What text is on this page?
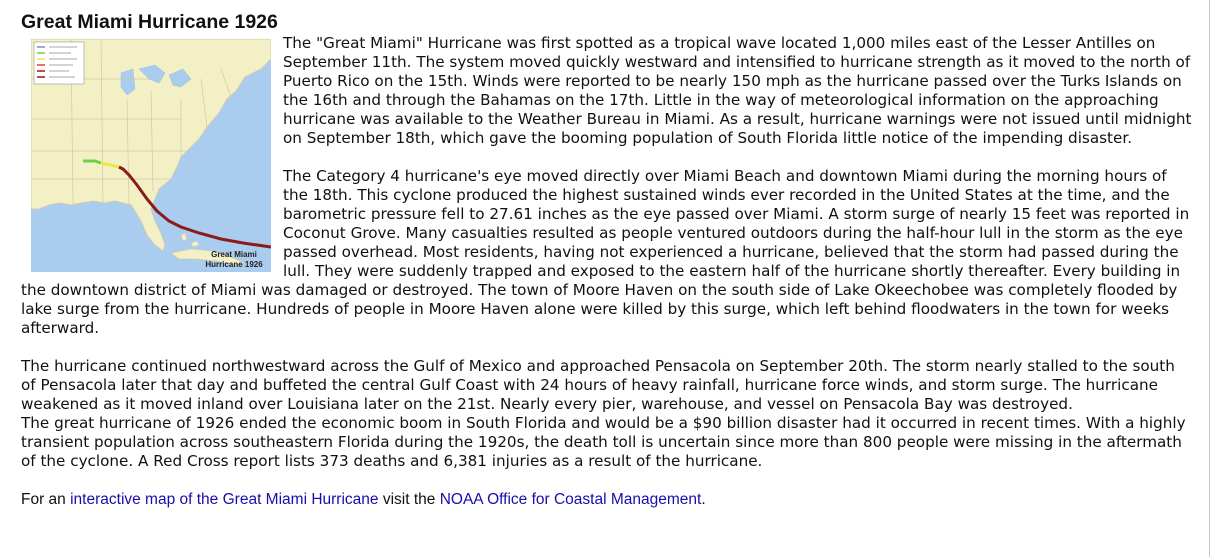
Great Miami Hurricane 1926
Great Miami
Hurricane 1926

The "Great Miami" Hurricane was first spotted as a tropical wave located 1,000 miles east of the Lesser Antilles on September 11th. The system moved quickly westward and intensified to hurricane strength as it moved to the north of Puerto Rico on the 15th. Winds were reported to be nearly 150 mph as the hurricane passed over the Turks Islands on the 16th and through the Bahamas on the 17th. Little in the way of meteorological information on the approaching hurricane was available to the Weather Bureau in Miami. As a result, hurricane warnings were not issued until midnight on September 18th, which gave the booming population of South Florida little notice of the impending disaster.

The Category 4 hurricane's eye moved directly over Miami Beach and downtown Miami during the morning hours of the 18th. This cyclone produced the highest sustained winds ever recorded in the United States at the time, and the barometric pressure fell to 27.61 inches as the eye passed over Miami. A storm surge of nearly 15 feet was reported in Coconut Grove. Many casualties resulted as people ventured outdoors during the half-hour lull in the storm as the eye passed overhead. Most residents, having not experienced a hurricane, believed that the storm had passed during the lull. They were suddenly trapped and exposed to the eastern half of the hurricane shortly thereafter. Every building in the downtown district of Miami was damaged or destroyed. The town of Moore Haven on the south side of Lake Okeechobee was completely flooded by lake surge from the hurricane. Hundreds of people in Moore Haven alone were killed by this surge, which left behind floodwaters in the town for weeks afterward.

The hurricane continued northwestward across the Gulf of Mexico and approached Pensacola on September 20th. The storm nearly stalled to the south of Pensacola later that day and buffeted the central Gulf Coast with 24 hours of heavy rainfall, hurricane force winds, and storm surge. The hurricane weakened as it moved inland over Louisiana later on the 21st. Nearly every pier, warehouse, and vessel on Pensacola Bay was destroyed.

The great hurricane of 1926 ended the economic boom in South Florida and would be a $90 billion disaster had it occurred in recent times. With a highly transient population across southeastern Florida during the 1920s, the death toll is uncertain since more than 800 people were missing in the aftermath of the cyclone. A Red Cross report lists 373 deaths and 6,381 injuries as a result of the hurricane.

For an interactive map of the Great Miami Hurricane visit the NOAA Office for Coastal Management.
